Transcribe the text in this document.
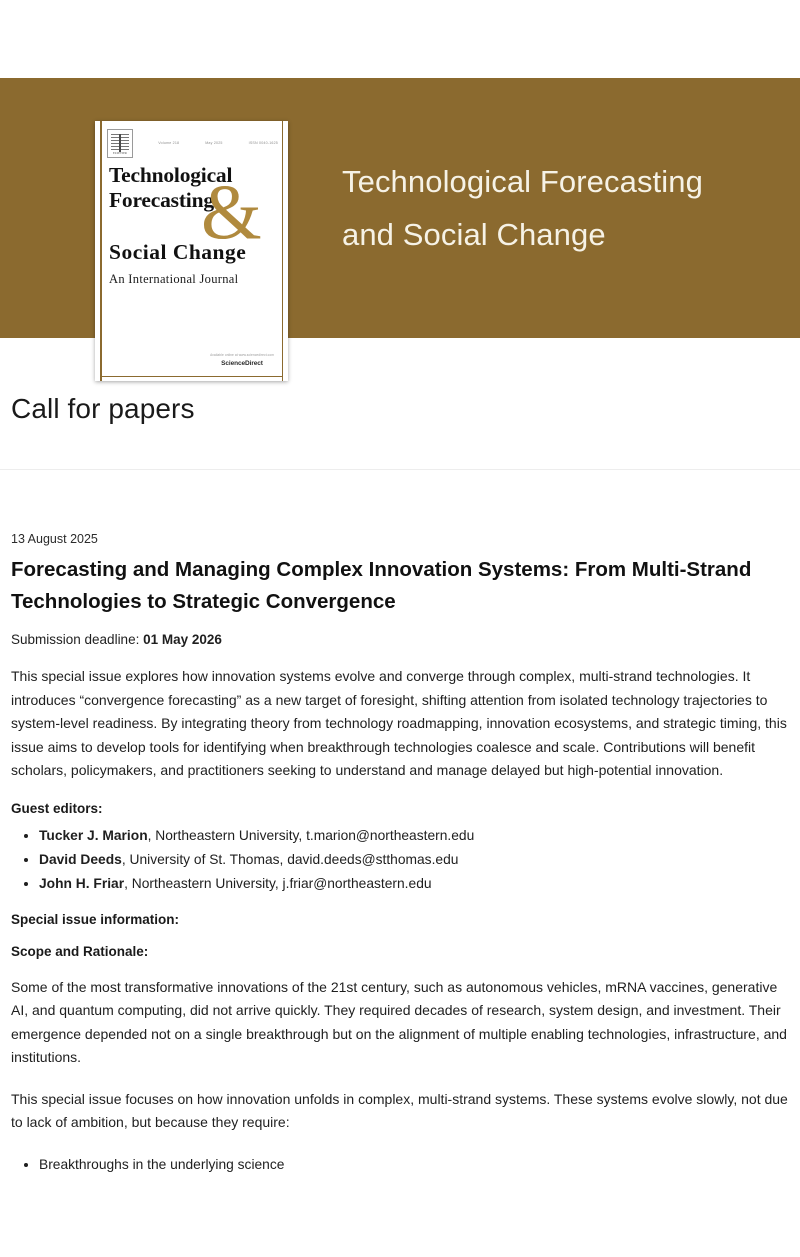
ELSEVIER
Volume 218	May 2025	ISSN 0040-1625
Technological
Forecasting
Social Change
An International Journal
&
Available online at www.sciencedirect.com
ScienceDirect
Technological Forecasting
and Social Change
Call for papers
13 August 2025
Forecasting and Managing Complex Innovation Systems: From Multi-Strand Technologies to Strategic Convergence
Submission deadline: 01 May 2026

This special issue explores how innovation systems evolve and converge through complex, multi-strand technologies. It introduces “convergence forecasting” as a new target of foresight, shifting attention from isolated technology trajectories to system-level readiness. By integrating theory from technology roadmapping, innovation ecosystems, and strategic timing, this issue aims to develop tools for identifying when breakthrough technologies coalesce and scale. Contributions will benefit scholars, policymakers, and practitioners seeking to understand and manage delayed but high-potential innovation.

Guest editors:
• Tucker J. Marion, Northeastern University, t.marion@northeastern.edu
• David Deeds, University of St. Thomas, david.deeds@stthomas.edu
• John H. Friar, Northeastern University, j.friar@northeastern.edu
Special issue information:
Scope and Rationale:

Some of the most transformative innovations of the 21st century, such as autonomous vehicles, mRNA vaccines, generative AI, and quantum computing, did not arrive quickly. They required decades of research, system design, and investment. Their emergence depended not on a single breakthrough but on the alignment of multiple enabling technologies, infrastructure, and institutions.

This special issue focuses on how innovation unfolds in complex, multi-strand systems. These systems evolve slowly, not due to lack of ambition, but because they require:

• Breakthroughs in the underlying science
